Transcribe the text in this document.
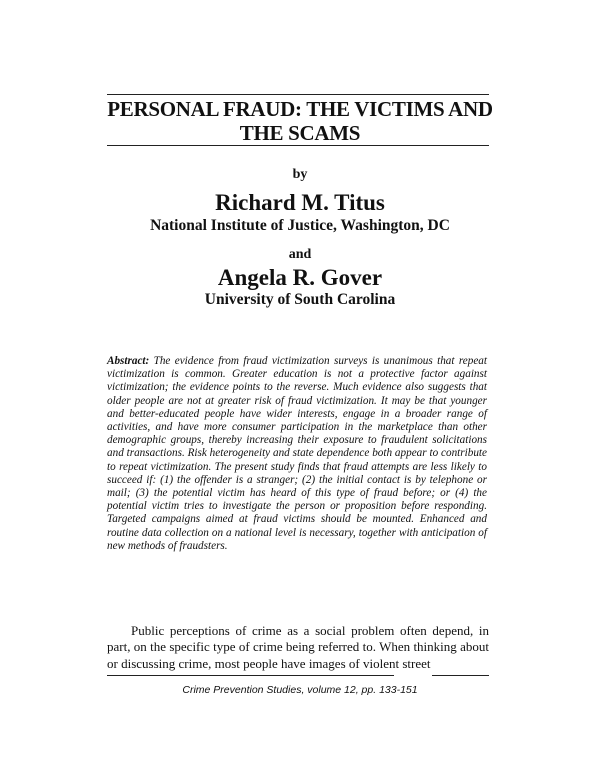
PERSONAL FRAUD: THE VICTIMS AND THE SCAMS
by
Richard M. Titus
National Institute of Justice, Washington, DC
and
Angela R. Gover
University of South Carolina
Abstract: The evidence from fraud victimization surveys is unanimous that repeat victimization is common. Greater education is not a protective factor against victimization; the evidence points to the reverse. Much evidence also suggests that older people are not at greater risk of fraud victimization. It may be that younger and better-educated people have wider interests, engage in a broader range of activities, and have more consumer participation in the marketplace than other demographic groups, thereby increasing their exposure to fraudulent solicitations and transactions. Risk heterogeneity and state dependence both appear to contribute to repeat victimization. The present study finds that fraud attempts are less likely to succeed if: (1) the offender is a stranger; (2) the initial contact is by telephone or mail; (3) the potential victim has heard of this type of fraud before; or (4) the potential victim tries to investigate the person or proposition before responding. Targeted campaigns aimed at fraud victims should be mounted. Enhanced and routine data collection on a national level is necessary, together with anticipation of new methods of fraudsters.
Public perceptions of crime as a social problem often depend, in part, on the specific type of crime being referred to. When thinking about or discussing crime, most people have images of violent street
Crime Prevention Studies, volume 12, pp. 133-151
